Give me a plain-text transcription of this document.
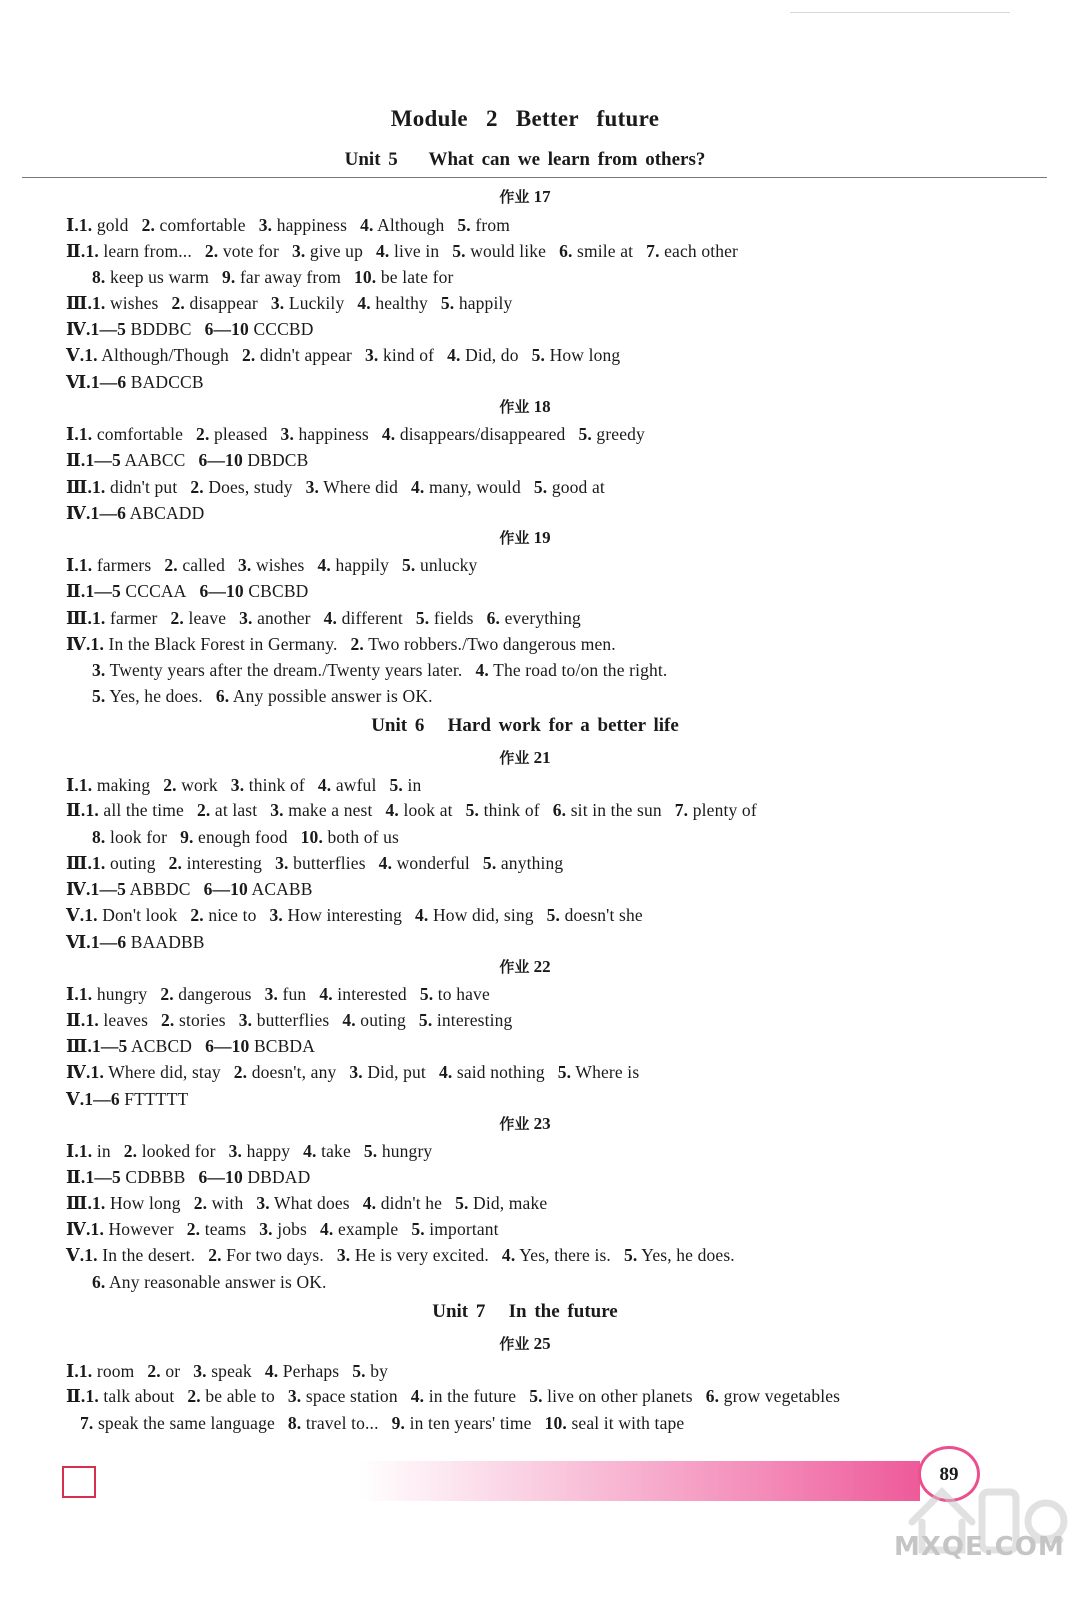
Module 2 Better future
Unit 5 What can we learn from others?
作业 17
Ⅰ.1. gold 2. comfortable 3. happiness 4. Although 5. from
Ⅱ.1. learn from... 2. vote for 3. give up 4. live in 5. would like 6. smile at 7. each other
8. keep us warm 9. far away from 10. be late for
Ⅲ.1. wishes 2. disappear 3. Luckily 4. healthy 5. happily
Ⅳ.1—5 BDDBC 6—10 CCCBD
Ⅴ.1. Although/Though 2. didn't appear 3. kind of 4. Did, do 5. How long
Ⅵ.1—6 BADCCB
作业 18
Ⅰ.1. comfortable 2. pleased 3. happiness 4. disappears/disappeared 5. greedy
Ⅱ.1—5 AABCC 6—10 DBDCB
Ⅲ.1. didn't put 2. Does, study 3. Where did 4. many, would 5. good at
Ⅳ.1—6 ABCADD
作业 19
Ⅰ.1. farmers 2. called 3. wishes 4. happily 5. unlucky
Ⅱ.1—5 CCCAA 6—10 CBCBD
Ⅲ.1. farmer 2. leave 3. another 4. different 5. fields 6. everything
Ⅳ.1. In the Black Forest in Germany. 2. Two robbers./Two dangerous men.
3. Twenty years after the dream./Twenty years later. 4. The road to/on the right.
5. Yes, he does. 6. Any possible answer is OK.
Unit 6 Hard work for a better life
作业 21
Ⅰ.1. making 2. work 3. think of 4. awful 5. in
Ⅱ.1. all the time 2. at last 3. make a nest 4. look at 5. think of 6. sit in the sun 7. plenty of
8. look for 9. enough food 10. both of us
Ⅲ.1. outing 2. interesting 3. butterflies 4. wonderful 5. anything
Ⅳ.1—5 ABBDC 6—10 ACABB
Ⅴ.1. Don't look 2. nice to 3. How interesting 4. How did, sing 5. doesn't she
Ⅵ.1—6 BAADBB
作业 22
Ⅰ.1. hungry 2. dangerous 3. fun 4. interested 5. to have
Ⅱ.1. leaves 2. stories 3. butterflies 4. outing 5. interesting
Ⅲ.1—5 ACBCD 6—10 BCBDA
Ⅳ.1. Where did, stay 2. doesn't, any 3. Did, put 4. said nothing 5. Where is
Ⅴ.1—6 FTTTTT
作业 23
Ⅰ.1. in 2. looked for 3. happy 4. take 5. hungry
Ⅱ.1—5 CDBBB 6—10 DBDAD
Ⅲ.1. How long 2. with 3. What does 4. didn't he 5. Did, make
Ⅳ.1. However 2. teams 3. jobs 4. example 5. important
Ⅴ.1. In the desert. 2. For two days. 3. He is very excited. 4. Yes, there is. 5. Yes, he does.
6. Any reasonable answer is OK.
Unit 7 In the future
作业 25
Ⅰ.1. room 2. or 3. speak 4. Perhaps 5. by
Ⅱ.1. talk about 2. be able to 3. space station 4. in the future 5. live on other planets 6. grow vegetables
7. speak the same language 8. travel to... 9. in ten years' time 10. seal it with tape
89
MXQE.COM
